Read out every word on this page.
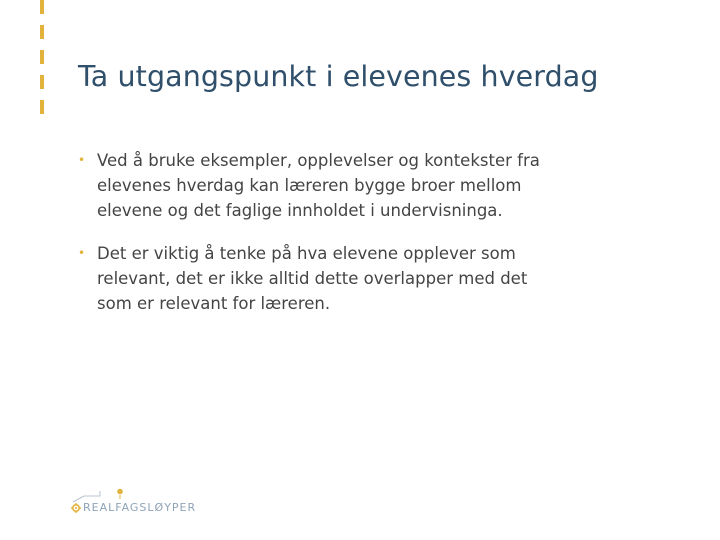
Ta utgangspunkt i elevenes hverdag
• Ved å bruke eksempler, opplevelser og kontekster fra
elevenes hverdag kan læreren bygge broer mellom
elevene og det faglige innholdet i undervisninga.
• Det er viktig å tenke på hva elevene opplever som
relevant, det er ikke alltid dette overlapper med det
som er relevant for læreren.
REALFAGSLØYPER
